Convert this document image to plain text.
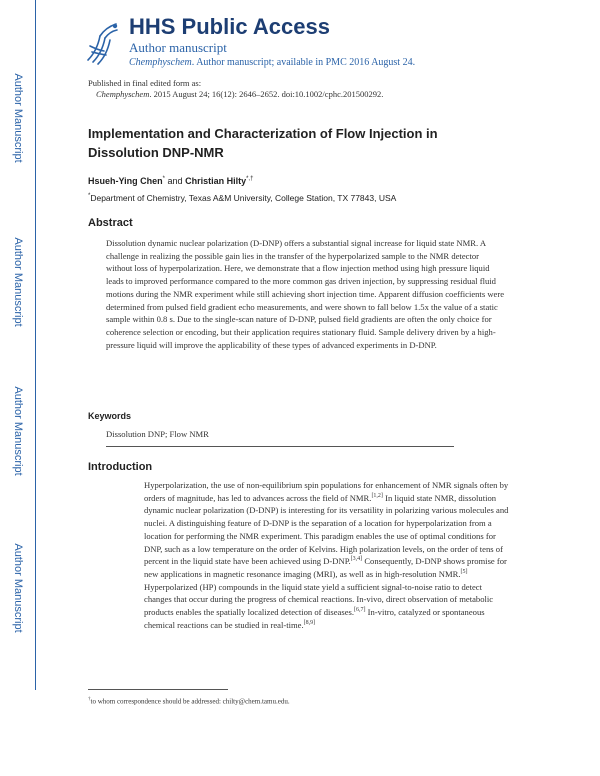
Author Manuscript
Author Manuscript
Author Manuscript
Author Manuscript
HHS Public Access
Author manuscript
Chemphyschem. Author manuscript; available in PMC 2016 August 24.
Published in final edited form as:
Chemphyschem. 2015 August 24; 16(12): 2646–2652. doi:10.1002/cphc.201500292.
Implementation and Characterization of Flow Injection in Dissolution DNP-NMR
Hsueh-Ying Chen* and Christian Hilty*,†
*Department of Chemistry, Texas A&M University, College Station, TX 77843, USA
Abstract
Dissolution dynamic nuclear polarization (D-DNP) offers a substantial signal increase for liquid state NMR. A challenge in realizing the possible gain lies in the transfer of the hyperpolarized sample to the NMR detector without loss of hyperpolarization. Here, we demonstrate that a flow injection method using high pressure liquid leads to improved performance compared to the more common gas driven injection, by suppressing residual fluid motions during the NMR experiment while still achieving short injection time. Apparent diffusion coefficients were determined from pulsed field gradient echo measurements, and were shown to fall below 1.5x the value of a static sample within 0.8 s. Due to the single-scan nature of D-DNP, pulsed field gradients are often the only choice for coherence selection or encoding, but their application requires stationary fluid. Sample delivery driven by a high-pressure liquid will improve the applicability of these types of advanced experiments in D-DNP.
Keywords
Dissolution DNP; Flow NMR
Introduction

Hyperpolarization, the use of non-equilibrium spin populations for enhancement of NMR signals often by orders of magnitude, has led to advances across the field of NMR.[1,2] In liquid state NMR, dissolution dynamic nuclear polarization (D-DNP) is interesting for its versatility in polarizing various molecules and nuclei. A distinguishing feature of D-DNP is the separation of a location for hyperpolarization from a location for performing the NMR experiment. This paradigm enables the use of optimal conditions for DNP, such as a low temperature on the order of Kelvins. High polarization levels, on the order of tens of percent in the liquid state have been achieved using D-DNP.[3,4] Consequently, D-DNP shows promise for new applications in magnetic resonance imaging (MRI), as well as in high-resolution NMR.[5] Hyperpolarized (HP) compounds in the liquid state yield a sufficient signal-to-noise ratio to detect changes that occur during the progress of chemical reactions. In-vivo, direct observation of metabolic products enables the spatially localized detection of diseases.[6,7] In-vitro, catalyzed or spontaneous chemical reactions can be studied in real-time.[8,9]

†to whom correspondence should be addressed: chilty@chem.tamu.edu.
